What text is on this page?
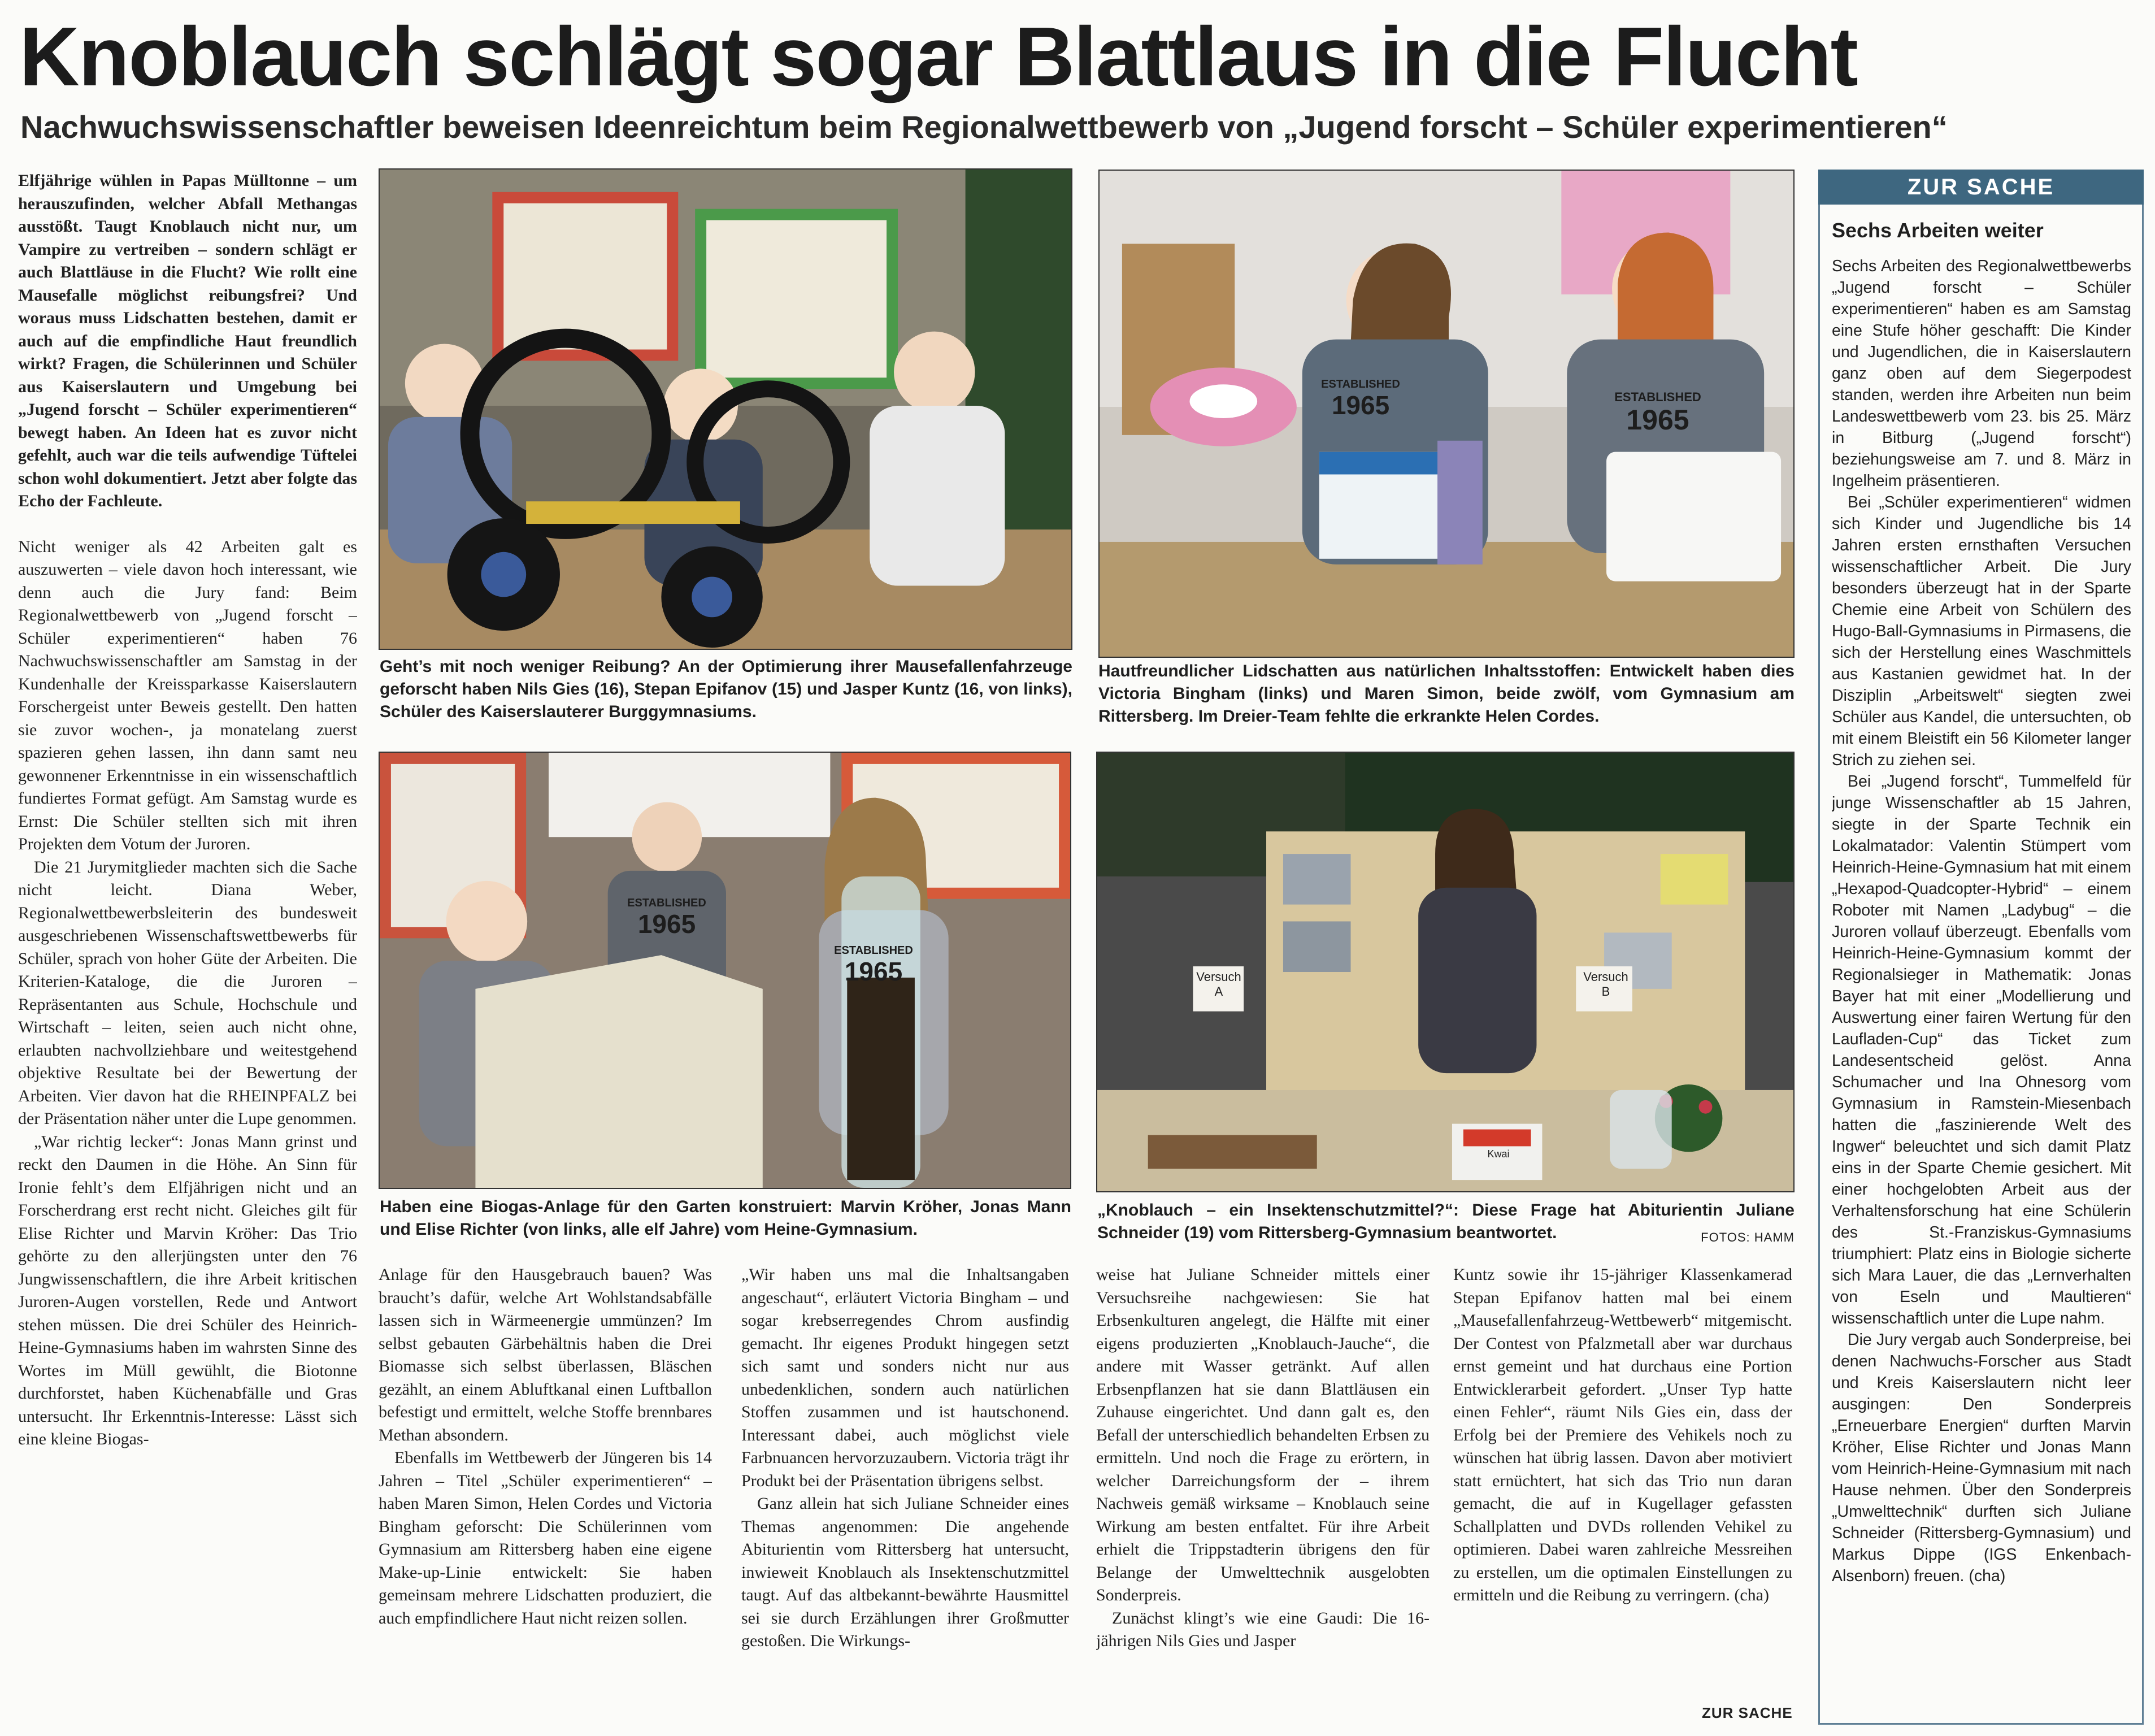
Knoblauch schlägt sogar Blattlaus in die Flucht
Nachwuchswissenschaftler beweisen Ideenreichtum beim Regionalwettbewerb von „Jugend forscht – Schüler experimentieren“

Elfjährige wühlen in Papas Mülltonne – um herauszufinden, welcher Abfall Methangas ausstößt. Taugt Knoblauch nicht nur, um Vampire zu vertreiben – sondern schlägt er auch Blattläuse in die Flucht? Wie rollt eine Mausefalle möglichst reibungsfrei? Und woraus muss Lidschatten bestehen, damit er auch auf die empfindliche Haut freundlich wirkt? Fragen, die Schülerinnen und Schüler aus Kaiserslautern und Umgebung bei „Jugend forscht – Schüler experimentieren“ bewegt haben. An Ideen hat es zuvor nicht gefehlt, auch war die teils aufwendige Tüftelei schon wohl dokumentiert. Jetzt aber folgte das Echo der Fachleute.

Nicht weniger als 42 Arbeiten galt es auszuwerten – viele davon hoch interessant, wie denn auch die Jury fand: Beim Regionalwettbewerb von „Jugend forscht – Schüler experimentieren“ haben 76 Nachwuchswissenschaftler am Samstag in der Kundenhalle der Kreissparkasse Kaiserslautern Forschergeist unter Beweis gestellt. Den hatten sie zuvor wochen-, ja monatelang zuerst spazieren gehen lassen, ihn dann samt neu gewonnener Erkenntnisse in ein wissenschaftlich fundiertes Format gefügt. Am Samstag wurde es Ernst: Die Schüler stellten sich mit ihren Projekten dem Votum der Juroren.

Die 21 Jurymitglieder machten sich die Sache nicht leicht. Diana Weber, Regionalwettbewerbsleiterin des bundesweit ausgeschriebenen Wissenschaftswettbewerbs für Schüler, sprach von hoher Güte der Arbeiten. Die Kriterien-Kataloge, die die Juroren – Repräsentanten aus Schule, Hochschule und Wirtschaft – leiten, seien auch nicht ohne, erlaubten nachvollziehbare und weitestgehend objektive Resultate bei der Bewertung der Arbeiten. Vier davon hat die RHEINPFALZ bei der Präsentation näher unter die Lupe genommen.

„War richtig lecker“: Jonas Mann grinst und reckt den Daumen in die Höhe. An Sinn für Ironie fehlt’s dem Elfjährigen nicht und an Forscherdrang erst recht nicht. Gleiches gilt für Elise Richter und Marvin Kröher: Das Trio gehörte zu den allerjüngsten unter den 76 Jungwissenschaftlern, die ihre Arbeit kritischen Juroren-Augen vorstellen, Rede und Antwort stehen müssen. Die drei Schüler des Heinrich-Heine-Gymnasiums haben im wahrsten Sinne des Wortes im Müll gewühlt, die Biotonne durchforstet, haben Küchenabfälle und Gras untersucht. Ihr Erkenntnis-Interesse: Lässt sich eine kleine Biogas-

Geht’s mit noch weniger Reibung? An der Optimierung ihrer Mausefallenfahrzeuge geforscht haben Nils Gies (16), Stepan Epifanov (15) und Jasper Kuntz (16, von links), Schüler des Kaiserslauterer Burggymnasiums.
Hautfreundlicher Lidschatten aus natürlichen Inhaltsstoffen: Entwickelt haben dies Victoria Bingham (links) und Maren Simon, beide zwölf, vom Gymnasium am Rittersberg. Im Dreier-Team fehlte die erkrankte Helen Cordes.
Haben eine Biogas-Anlage für den Garten konstruiert: Marvin Kröher, Jonas Mann und Elise Richter (von links, alle elf Jahre) vom Heine-Gymnasium.
Versuch A
Versuch B
Kwai
„Knoblauch – ein Insektenschutzmittel?“: Diese Frage hat Abiturientin Juliane Schneider (19) vom Rittersberg-Gymnasium beantwortet.	FOTOS: HAMM
ESTABLISHED
1965	ESTABLISHED
1965
ESTABLISHED
1965
ESTABLISHED
1965

Anlage für den Hausgebrauch bauen? Was braucht’s dafür, welche Art Wohlstandsabfälle lassen sich in Wärmeenergie ummünzen? Im selbst gebauten Gärbehältnis haben die Drei Biomasse sich selbst überlassen, Bläschen gezählt, an einem Abluftkanal einen Luftballon befestigt und ermittelt, welche Stoffe brennbares Methan absondern.

Ebenfalls im Wettbewerb der Jüngeren bis 14 Jahren – Titel „Schüler experimentieren“ – haben Maren Simon, Helen Cordes und Victoria Bingham geforscht: Die Schülerinnen vom Gymnasium am Rittersberg haben eine eigene Make-up-Linie entwickelt: Sie haben gemeinsam mehrere Lidschatten produziert, die auch empfindlichere Haut nicht reizen sollen.

„Wir haben uns mal die Inhaltsangaben angeschaut“, erläutert Victoria Bingham – und sogar krebserregendes Chrom ausfindig gemacht. Ihr eigenes Produkt hingegen setzt sich samt und sonders nicht nur aus unbedenklichen, sondern auch natürlichen Stoffen zusammen und ist hautschonend. Interessant dabei, auch möglichst viele Farbnuancen hervorzuzaubern. Victoria trägt ihr Produkt bei der Präsentation übrigens selbst.

Ganz allein hat sich Juliane Schneider eines Themas angenommen: Die angehende Abiturientin vom Rittersberg hat untersucht, inwieweit Knoblauch als Insektenschutzmittel taugt. Auf das altbekannt-bewährte Hausmittel sei sie durch Erzählungen ihrer Großmutter gestoßen. Die Wirkungs-

weise hat Juliane Schneider mittels einer Versuchsreihe nachgewiesen: Sie hat Erbsenkulturen angelegt, die Hälfte mit einer eigens produzierten „Knoblauch-Jauche“, die andere mit Wasser getränkt. Auf allen Erbsenpflanzen hat sie dann Blattläusen ein Zuhause eingerichtet. Und dann galt es, den Befall der unterschiedlich behandelten Erbsen zu ermitteln. Und noch die Frage zu erörtern, in welcher Darreichungsform der – ihrem Nachweis gemäß wirksame – Knoblauch seine Wirkung am besten entfaltet. Für ihre Arbeit erhielt die Trippstadterin übrigens den für Belange der Umwelttechnik ausgelobten Sonderpreis.

Zunächst klingt’s wie eine Gaudi: Die 16-jährigen Nils Gies und Jasper

Kuntz sowie ihr 15-jähriger Klassenkamerad Stepan Epifanov hatten mal bei einem „Mausefallenfahrzeug-Wettbewerb“ mitgemischt. Der Contest von Pfalzmetall aber war durchaus ernst gemeint und hat durchaus eine Portion Entwicklerarbeit gefordert. „Unser Typ hatte einen Fehler“, räumt Nils Gies ein, dass der Erfolg bei der Premiere des Vehikels noch zu wünschen hat übrig lassen. Davon aber motiviert statt ernüchtert, hat sich das Trio nun daran gemacht, die auf in Kugellager gefassten Schallplatten und DVDs rollenden Vehikel zu optimieren. Dabei waren zahlreiche Messreihen zu erstellen, um die optimalen Einstellungen zu ermitteln und die Reibung zu verringern. (cha)

ZUR SACHE
ZUR SACHE
Sechs Arbeiten weiter

Sechs Arbeiten des Regionalwettbewerbs „Jugend forscht – Schüler experimentieren“ haben es am Samstag eine Stufe höher geschafft: Die Kinder und Jugendlichen, die in Kaiserslautern ganz oben auf dem Siegerpodest standen, werden ihre Arbeiten nun beim Landeswettbewerb vom 23. bis 25. März in Bitburg („Jugend forscht“) beziehungsweise am 7. und 8. März in Ingelheim präsentieren.

Bei „Schüler experimentieren“ widmen sich Kinder und Jugendliche bis 14 Jahren ersten ernsthaften Versuchen wissenschaftlicher Arbeit. Die Jury besonders überzeugt hat in der Sparte Chemie eine Arbeit von Schülern des Hugo-Ball-Gymnasiums in Pirmasens, die sich der Herstellung eines Waschmittels aus Kastanien gewidmet hat. In der Disziplin „Arbeitswelt“ siegten zwei Schüler aus Kandel, die untersuchten, ob mit einem Bleistift ein 56 Kilometer langer Strich zu ziehen sei.

Bei „Jugend forscht“, Tummelfeld für junge Wissenschaftler ab 15 Jahren, siegte in der Sparte Technik ein Lokalmatador: Valentin Stümpert vom Heinrich-Heine-Gymnasium hat mit einem „Hexapod-Quadcopter-Hybrid“ – einem Roboter mit Namen „Ladybug“ – die Juroren vollauf überzeugt. Ebenfalls vom Heinrich-Heine-Gymnasium kommt der Regionalsieger in Mathematik: Jonas Bayer hat mit einer „Modellierung und Auswertung einer fairen Wertung für den Laufladen-Cup“ das Ticket zum Landesentscheid gelöst. Anna Schumacher und Ina Ohnesorg vom Gymnasium in Ramstein-Miesenbach hatten die „faszinierende Welt des Ingwer“ beleuchtet und sich damit Platz eins in der Sparte Chemie gesichert. Mit einer hochgelobten Arbeit aus der Verhaltensforschung hat eine Schülerin des St.-Franziskus-Gymnasiums triumphiert: Platz eins in Biologie sicherte sich Mara Lauer, die das „Lernverhalten von Eseln und Maultieren“ wissenschaftlich unter die Lupe nahm.

Die Jury vergab auch Sonderpreise, bei denen Nachwuchs-Forscher aus Stadt und Kreis Kaiserslautern nicht leer ausgingen: Den Sonderpreis „Erneuerbare Energien“ durften Marvin Kröher, Elise Richter und Jonas Mann vom Heinrich-Heine-Gymnasium mit nach Hause nehmen. Über den Sonderpreis „Umwelttechnik“ durften sich Juliane Schneider (Rittersberg-Gymnasium) und Markus Dippe (IGS Enkenbach-Alsenborn) freuen. (cha)
